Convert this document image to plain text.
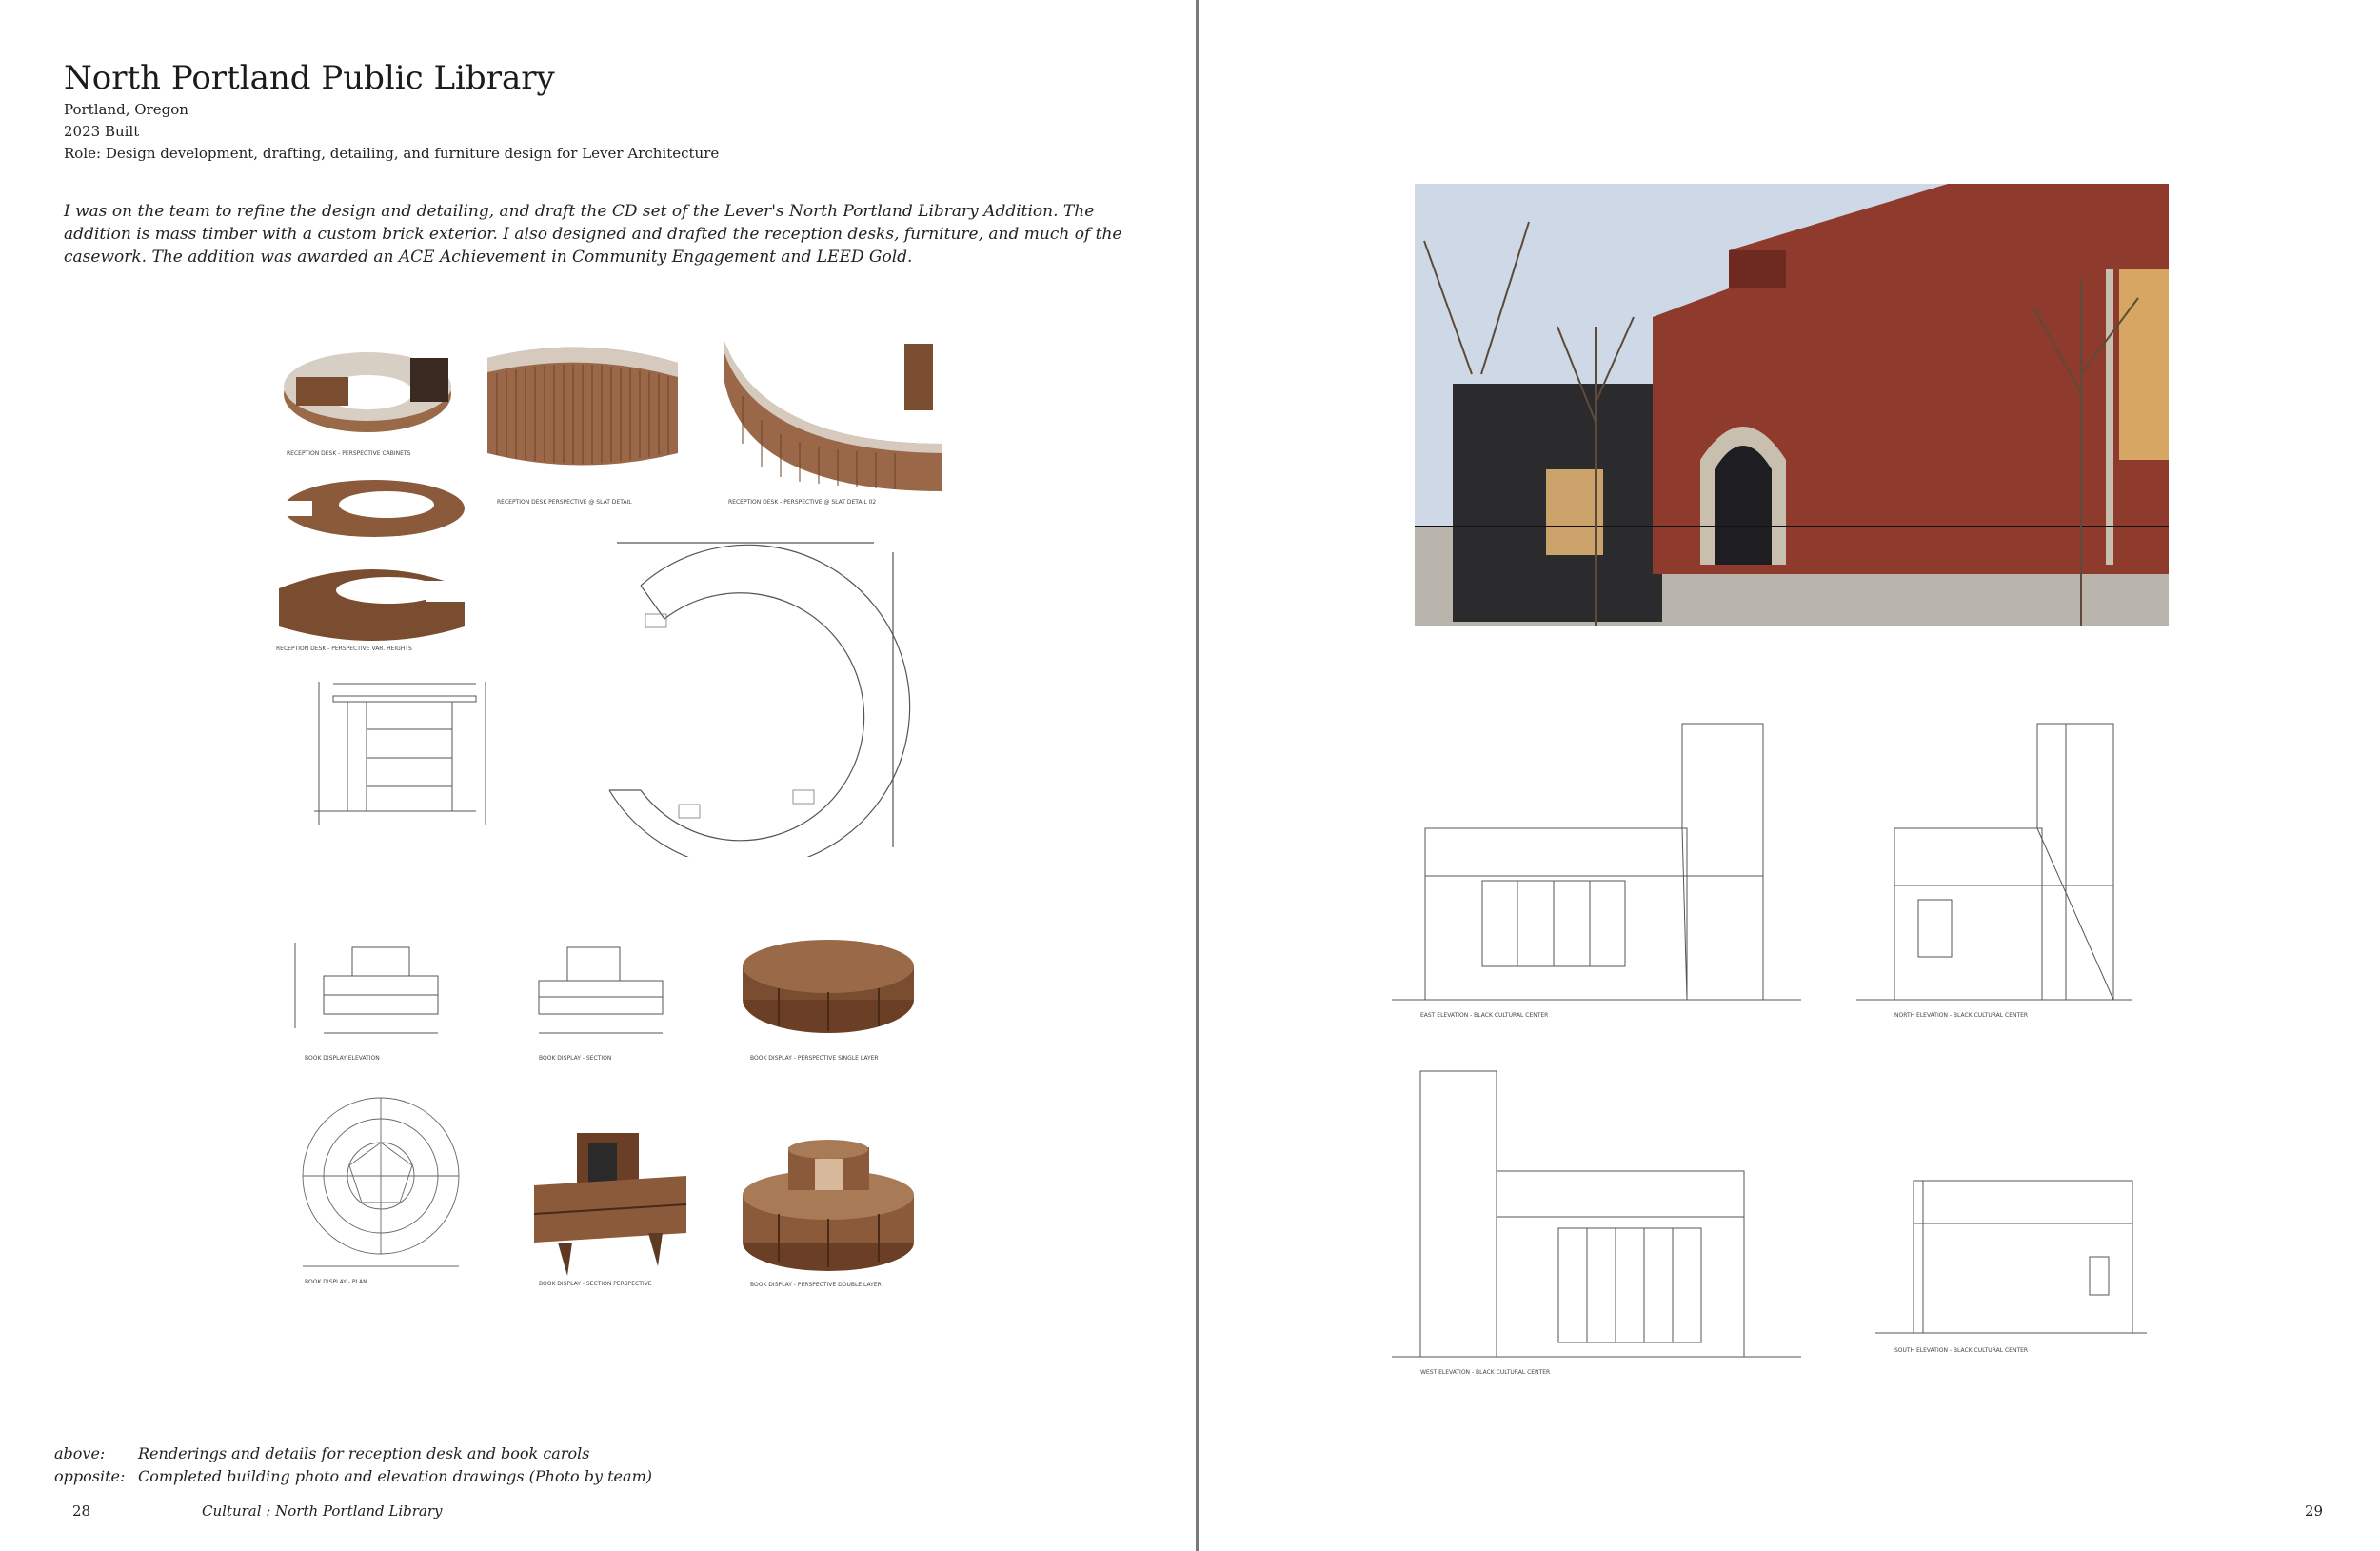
North Portland Public Library
Portland, Oregon
2023 Built
Role: Design development, drafting, detailing, and furniture design for Lever Architecture
I was on the team to refine the design and detailing, and draft the CD set of the Lever's North Portland Library Addition. The addition is mass timber with a custom brick exterior. I also designed and drafted the reception desks, furniture, and much of the casework. The addition was awarded an ACE Achievement in Community Engagement and LEED Gold.
RECEPTION DESK - PERSPECTIVE CABINETS
RECEPTION DESK PERSPECTIVE @ SLAT DETAIL	RECEPTION DESK - PERSPECTIVE @ SLAT DETAIL 02
RECEPTION DESK - PERSPECTIVE VAR. HEIGHTS
BOOK DISPLAY ELEVATION	BOOK DISPLAY - SECTION	BOOK DISPLAY - PERSPECTIVE SINGLE LAYER
BOOK DISPLAY - PLAN	BOOK DISPLAY - SECTION PERSPECTIVE	BOOK DISPLAY - PERSPECTIVE DOUBLE LAYER
above: Renderings and details for reception desk and book carols
opposite: Completed building photo and elevation drawings (Photo by team)
28	Cultural : North Portland Library	29
EAST ELEVATION - BLACK CULTURAL CENTER	NORTH ELEVATION - BLACK CULTURAL CENTER
WEST ELEVATION - BLACK CULTURAL CENTER
SOUTH ELEVATION - BLACK CULTURAL CENTER
